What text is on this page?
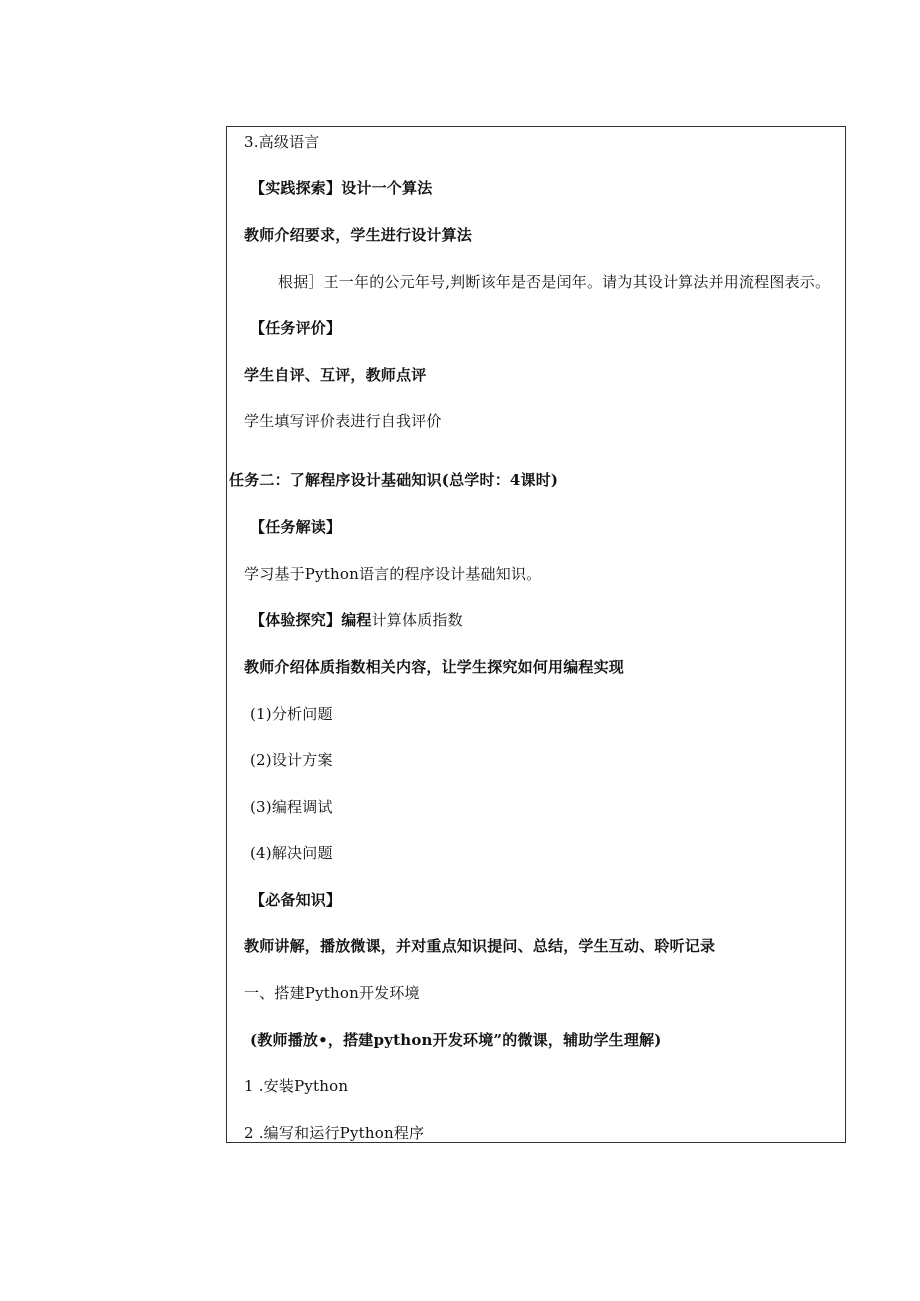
3.高级语言
【实践探索】设计一个算法
教师介绍要求，学生进行设计算法
根据］王一年的公元年号,判断该年是否是闰年。请为其设计算法并用流程图表示。
【任务评价】
学生自评、互评，教师点评
学生填写评价表进行自我评价
任务二：了解程序设计基础知识(总学时：4课时)
【任务解读】
学习基于Python语言的程序设计基础知识。
【体验探究】编程计算体质指数
教师介绍体质指数相关内容，让学生探究如何用编程实现
(1)分析问题
(2)设计方案
(3)编程调试
(4)解决问题
【必备知识】
教师讲解，播放微课，并对重点知识提问、总结，学生互动、聆听记录
一、搭建Python开发环境
(教师播放•，搭建python开发环境”的微课，辅助学生理解)
1 .安装Python
2 .编写和运行Python程序
